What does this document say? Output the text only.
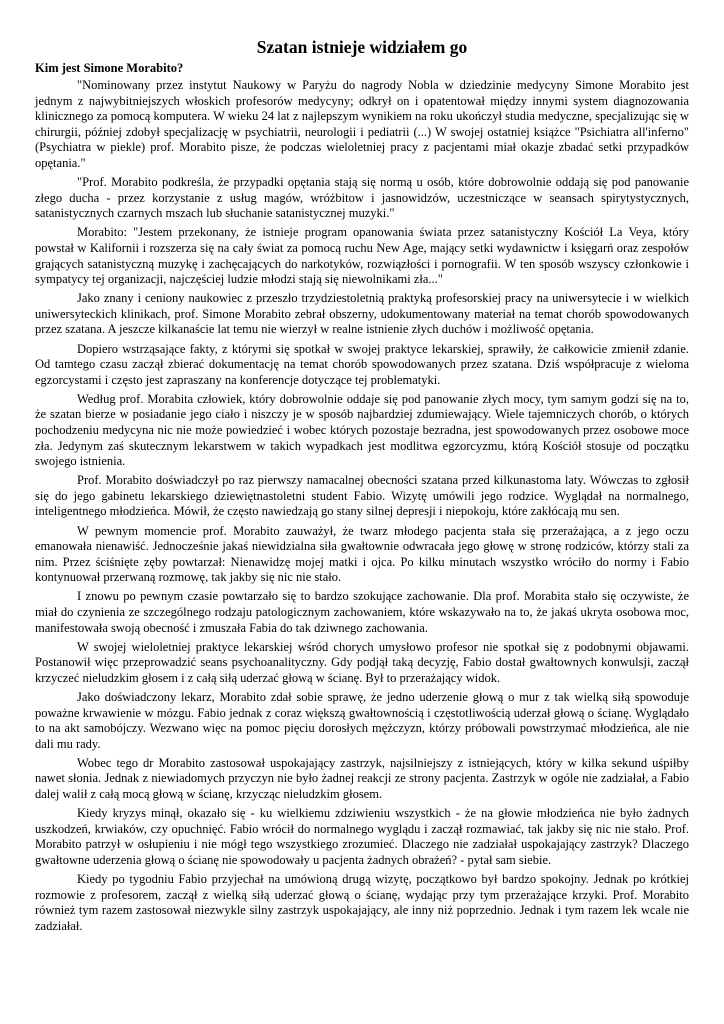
Szatan istnieje widziałem go
Kim jest Simone Morabito?

"Nominowany przez instytut Naukowy w Paryżu do nagrody Nobla w dziedzinie medycyny Simone Morabito jest jednym z najwybitniejszych włoskich profesorów medycyny; odkrył on i opatentował między innymi system diagnozowania klinicznego za pomocą komputera. W wieku 24 lat z najlepszym wynikiem na roku ukończył studia medyczne, specjalizując się w chirurgii, później zdobył specjalizację w psychiatrii, neurologii i pediatrii (...) W swojej ostatniej książce "Psichiatra all'inferno" (Psychiatra w piekle) prof. Morabito pisze, że podczas wieloletniej pracy z pacjentami miał okazje zbadać setki przypadków opętania."

"Prof. Morabito podkreśla, że przypadki opętania stają się normą u osób, które dobrowolnie oddają się pod panowanie złego ducha - przez korzystanie z usług magów, wróżbitow i jasnowidzów, uczestniczące w seansach spirytystycznych, satanistycznych czarnych mszach lub słuchanie satanistycznej muzyki."

Morabito: "Jestem przekonany, że istnieje program opanowania świata przez satanistyczny Kościół La Veya, który powstał w Kalifornii i rozszerza się na cały świat za pomocą ruchu New Age, mający setki wydawnictw i księgarń oraz zespołów grających satanistyczną muzykę i zachęcających do narkotyków, rozwiązłości i pornografii. W ten sposób wszyscy członkowie i sympatycy tej organizacji, najczęściej ludzie młodzi stają się niewolnikami zła..."

Jako znany i ceniony naukowiec z przeszło trzydziestoletnią praktyką profesorskiej pracy na uniwersytecie i w wielkich uniwersyteckich klinikach, prof. Simone Morabito zebrał obszerny, udokumentowany materiał na temat chorób spowodowanych przez szatana. A jeszcze kilkanaście lat temu nie wierzył w realne istnienie złych duchów i możliwość opętania.

Dopiero wstrząsające fakty, z którymi się spotkał w swojej praktyce lekarskiej, sprawiły, że całkowicie zmienił zdanie. Od tamtego czasu zaczął zbierać dokumentację na temat chorób spowodowanych przez szatana. Dziś współpracuje z wieloma egzorcystami i często jest zapraszany na konferencje dotyczące tej problematyki.

Według prof. Morabita człowiek, który dobrowolnie oddaje się pod panowanie złych mocy, tym samym godzi się na to, że szatan bierze w posiadanie jego ciało i niszczy je w sposób najbardziej zdumiewający. Wiele tajemniczych chorób, o których pochodzeniu medycyna nic nie może powiedzieć i wobec których pozostaje bezradna, jest spowodowanych przez osobowe moce zła. Jedynym zaś skutecznym lekarstwem w takich wypadkach jest modlitwa egzorcyzmu, którą Kościół stosuje od początku swojego istnienia.

Prof. Morabito doświadczył po raz pierwszy namacalnej obecności szatana przed kilkunastoma laty. Wówczas to zgłosił się do jego gabinetu lekarskiego dziewiętnastoletni student Fabio. Wizytę umówili jego rodzice. Wyglądał na normalnego, inteligentnego młodzieńca. Mówił, że często nawiedzają go stany silnej depresji i niepokoju, które zakłócają mu sen.

W pewnym momencie prof. Morabito zauważył, że twarz młodego pacjenta stała się przerażająca, a z jego oczu emanowała nienawiść. Jednocześnie jakaś niewidzialna siła gwałtownie odwracała jego głowę w stronę rodziców, którzy stali za nim. Przez ściśnięte zęby powtarzał: Nienawidzę mojej matki i ojca. Po kilku minutach wszystko wróciło do normy i Fabio kontynuował przerwaną rozmowę, tak jakby się nic nie stało.

I znowu po pewnym czasie powtarzało się to bardzo szokujące zachowanie. Dla prof. Morabita stało się oczywiste, że miał do czynienia ze szczególnego rodzaju patologicznym zachowaniem, które wskazywało na to, że jakaś ukryta osobowa moc, manifestowała swoją obecność i zmuszała Fabia do tak dziwnego zachowania.

W swojej wieloletniej praktyce lekarskiej wśród chorych umysłowo profesor nie spotkał się z podobnymi objawami. Postanowił więc przeprowadzić seans psychoanalityczny. Gdy podjął taką decyzję, Fabio dostał gwałtownych konwulsji, zaczął krzyczeć nieludzkim głosem i z całą siłą uderzać głową w ścianę. Był to przerażający widok.

Jako doświadczony lekarz, Morabito zdał sobie sprawę, że jedno uderzenie głową o mur z tak wielką siłą spowoduje poważne krwawienie w mózgu. Fabio jednak z coraz większą gwałtownością i częstotliwością uderzał głową o ścianę. Wyglądało to na akt samobójczy. Wezwano więc na pomoc pięciu dorosłych mężczyzn, którzy próbowali powstrzymać młodzieńca, ale nie dali mu rady.

Wobec tego dr Morabito zastosował uspokajający zastrzyk, najsilniejszy z istniejących, który w kilka sekund uśpiłby nawet słonia. Jednak z niewiadomych przyczyn nie było żadnej reakcji ze strony pacjenta. Zastrzyk w ogóle nie zadziałał, a Fabio dalej walił z całą mocą głową w ścianę, krzycząc nieludzkim głosem.

Kiedy kryzys minął, okazało się - ku wielkiemu zdziwieniu wszystkich - że na głowie młodzieńca nie było żadnych uszkodzeń, krwiaków, czy opuchnięć. Fabio wrócił do normalnego wyglądu i zaczął rozmawiać, tak jakby się nic nie stało. Prof. Morabito patrzył w osłupieniu i nie mógł tego wszystkiego zrozumieć. Dlaczego nie zadziałał uspokajający zastrzyk? Dlaczego gwałtowne uderzenia głową o ścianę nie spowodowały u pacjenta żadnych obrażeń? - pytał sam siebie.

Kiedy po tygodniu Fabio przyjechał na umówioną drugą wizytę, początkowo był bardzo spokojny. Jednak po krótkiej rozmowie z profesorem, zaczął z wielką siłą uderzać głową o ścianę, wydając przy tym przerażające krzyki. Prof. Morabito również tym razem zastosował niezwykle silny zastrzyk uspokajający, ale inny niż poprzednio. Jednak i tym razem lek wcale nie zadziałał.
